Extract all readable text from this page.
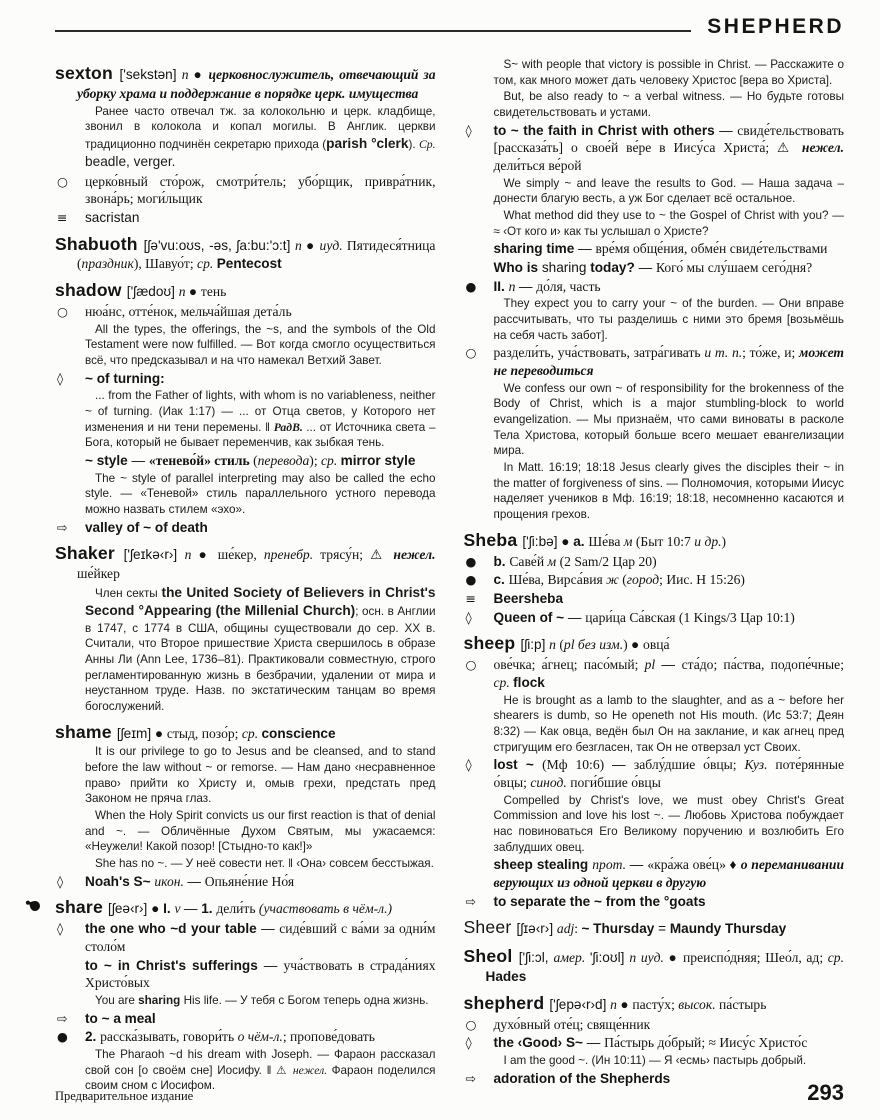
SHEPHERD
sexton ['sekstən] n ● церковнослужитель, отвечающий за уборку храма и поддержание в порядке церк. имущества
Ранее часто отвечал тж. за колокольню и церк. кладбище, звонил в колокола и копал могилы. В Англик. церкви традиционно подчинён секретарю прихода (parish °clerk). Ср. beadle, verger.
○ церко́вный сто́рож, смотри́тель; убо́рщик, привра́тник, звона́рь; моги́льщик
≡ sacristan
Shabuoth [ʃə'vu:oʊs, -əs, ʃa:bu:'ɔ:t] n ● иуд. Пятидеся́тница (праздник), Шавуо́т; ср. Pentecost
shadow ['ʃædoʊ] n ● тень
○ нюа́нс, отте́нок, мельча́йшая дета́ль
All the types, the offerings, the ~s, and the symbols of the Old Testament were now fulfilled. — Вот когда смогло осуществиться всё, что предсказывал и на что намекал Ветхий Завет.
◊ ~ of turning:
... from the Father of lights, with whom is no variableness, neither ~ of turning. (Иак 1:17) — ... от Отца светов, у Которого нет изменения и ни тени перемены. ‖ РадВ. ... от Источника света – Бога, который не бывает переменчив, как зыбкая тень.
~ style — «тенево́й» стиль (перевода); ср. mirror style
The ~ style of parallel interpreting may also be called the echo style. — «Теневой» стиль параллельного устного перевода можно назвать стилем «эхо».
⇨ valley of ~ of death
Shaker ['ʃeɪkə‹r›] n ● ше́кер, пренебр. трясу́н; ⚠ нежел. ше́йкер
Член секты the United Society of Believers in Christ's Second °Appearing (the Millenial Church); осн. в Англии в 1747, с 1774 в США, общины существовали до сер. XX в. Считали, что Второе пришествие Христа свершилось в образе Анны Ли (Ann Lee, 1736–81). Практиковали совместную, строго регламентированную жизнь в безбрачии, удалении от мира и неустанном труде. Назв. по экстатическим танцам во время богослужений.
shame [ʃeɪm] ● стыд, позо́р; ср. conscience
It is our privilege to go to Jesus and be cleansed, and to stand before the law without ~ or remorse. — Нам дано ‹несравненное право› прийти ко Христу и, омыв грехи, предстать пред Законом не пряча глаз.
When the Holy Spirit convicts us our first reaction is that of denial and ~. — Обличённые Духом Святым, мы ужасаемся: «Неужели! Какой позор! [Стыдно-то как!]»
She has no ~. — У неё совести нет. ‖ ‹Она› совсем бесстыжая.
◊ Noah's S~ икон. — Опьяне́ние Но́я
share [ʃeə‹r›] ● I. v — 1. дели́ть (участвовать в чём-л.)
◊ the one who ~d your table — сиде́вший с ва́ми за одни́м столо́м
to ~ in Christ's sufferings — уча́ствовать в страда́ниях Христо́вых
You are sharing His life. — У тебя с Богом теперь одна жизнь.
⇨ to ~ a meal
● 2. расска́зывать, говори́ть о чём-л.; пропове́довать
The Pharaoh ~d his dream with Joseph. — Фараон рассказал свой сон [о своём сне] Иосифу. ‖ ⚠ нежел. Фараон поделился своим сном с Иосифом.
S~ with people that victory is possible in Christ. — Расскажите о том, как много может дать человеку Христос [вера во Христа].
But, be also ready to ~ a verbal witness. — Но будьте готовы свидетельствовать и устами.
◊ to ~ the faith in Christ with others — свиде́тельствовать [рассказа́ть] о свое́й ве́ре в Иису́са Христа́; ⚠ нежел. дели́ться ве́рой
We simply ~ and leave the results to God. — Наша задача – донести благую весть, а уж Бог сделает всё остальное.
What method did they use to ~ the Gospel of Christ with you? — ≈ ‹От кого и› как ты услышал о Христе?
sharing time — вре́мя обще́ния, обме́н свиде́тельствами
Who is sharing today? — Кого́ мы слу́шаем сего́дня?
● II. n — до́ля, часть
They expect you to carry your ~ of the burden. — Они вправе рассчитывать, что ты разделишь с ними это бремя [возьмёшь на себя часть забот].
○ раздели́ть, уча́ствовать, затра́гивать и т. п.; то́же, и; может не переводиться
We confess our own ~ of responsibility for the brokenness of the Body of Christ, which is a major stumbling-block to world evangelization. — Мы признаём, что сами виноваты в расколе Тела Христова, который больше всего мешает евангелизации мира.
In Matt. 16:19; 18:18 Jesus clearly gives the disciples their ~ in the matter of forgiveness of sins. — Полномочия, которыми Иисус наделяет учеников в Мф. 16:19; 18:18, несомненно касаются и прощения грехов.
Sheba ['ʃi:bə] ● a. Ше́ва м (Быт 10:7 и др.)
● b. Саве́й м (2 Sam/2 Цар 20)
● c. Ше́ва, Вирса́вия ж (город; Иис. Н 15:26)
≡ Beersheba
◊ Queen of ~ — цари́ца Са́вская (1 Kings/3 Цар 10:1)
sheep [ʃi:p] n (pl без изм.) ● овца́
○ ове́чка; а́гнец; пасо́мый; pl — ста́до; па́ства, подопе́чные; ср. flock
He is brought as a lamb to the slaughter, and as a ~ before her shearers is dumb, so He openeth not His mouth. (Ис 53:7; Деян 8:32) — Как овца, ведён был Он на заклание, и как агнец пред стригущим его безгласен, так Он не отверзал уст Своих.
◊ lost ~ (Мф 10:6) — заблу́дшие о́вцы; Куз. поте́рянные о́вцы; синод. поги́бшие о́вцы
Compelled by Christ's love, we must obey Christ's Great Commission and love his lost ~. — Любовь Христова побуждает нас повиноваться Его Великому поручению и возлюбить Его заблудших овец.
sheep stealing прот. — «кра́жа ове́ц» ♦ о переманивании верующих из одной церкви в другую
⇨ to separate the ~ from the °goats
Sheer [ʃɪə‹r›] adj: ~ Thursday = Maundy Thursday
Sheol ['ʃi:ɔl, амер. 'ʃi:oʊl] n иуд. ● преиспо́дняя; Шео́л, ад; ср. Hades
shepherd ['ʃepə‹r›d] n ● пасту́х; высок. па́стырь
○ духо́вный оте́ц; свяще́нник
◊ the ‹Good› S~ — Па́стырь до́брый; ≈ Иису́с Христо́с
I am the good ~. (Ин 10:11) — Я ‹есмь› пастырь добрый.
⇨ adoration of the Shepherds
Предварительное издание	293
